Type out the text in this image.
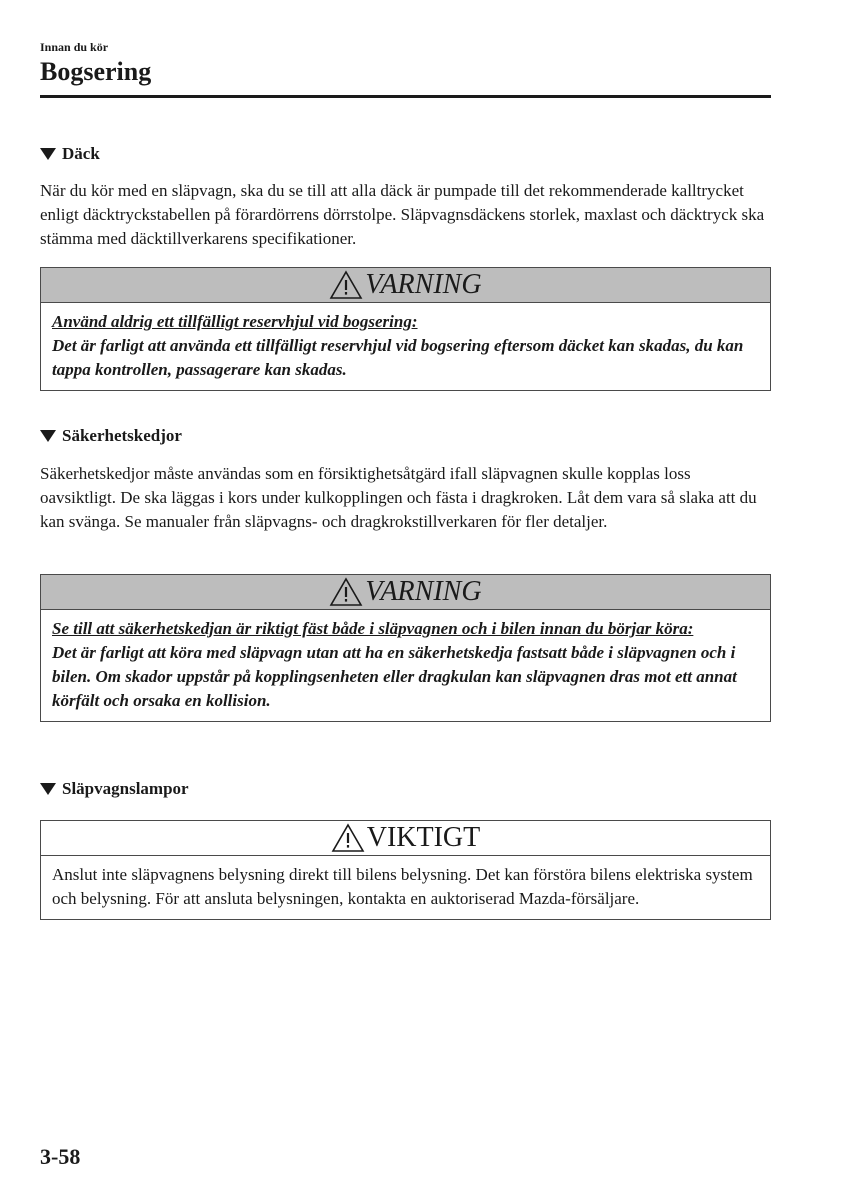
Innan du kör
Bogsering
Däck
När du kör med en släpvagn, ska du se till att alla däck är pumpade till det rekommenderade kalltrycket enligt däcktryckstabellen på förardörrens dörrstolpe. Släpvagnsdäckens storlek, maxlast och däcktryck ska stämma med däcktillverkarens specifikationer.
VARNING
Använd aldrig ett tillfälligt reservhjul vid bogsering:
Det är farligt att använda ett tillfälligt reservhjul vid bogsering eftersom däcket kan skadas, du kan tappa kontrollen, passagerare kan skadas.
Säkerhetskedjor
Säkerhetskedjor måste användas som en försiktighetsåtgärd ifall släpvagnen skulle kopplas loss oavsiktligt. De ska läggas i kors under kulkopplingen och fästa i dragkroken. Låt dem vara så slaka att du kan svänga. Se manualer från släpvagns- och dragkrokstillverkaren för fler detaljer.
VARNING
Se till att säkerhetskedjan är riktigt fäst både i släpvagnen och i bilen innan du börjar köra:
Det är farligt att köra med släpvagn utan att ha en säkerhetskedja fastsatt både i släpvagnen och i bilen. Om skador uppstår på kopplingsenheten eller dragkulan kan släpvagnen dras mot ett annat körfält och orsaka en kollision.
Släpvagnslampor
VIKTIGT
Anslut inte släpvagnens belysning direkt till bilens belysning. Det kan förstöra bilens elektriska system och belysning. För att ansluta belysningen, kontakta en auktoriserad Mazda-försäljare.
3-58
